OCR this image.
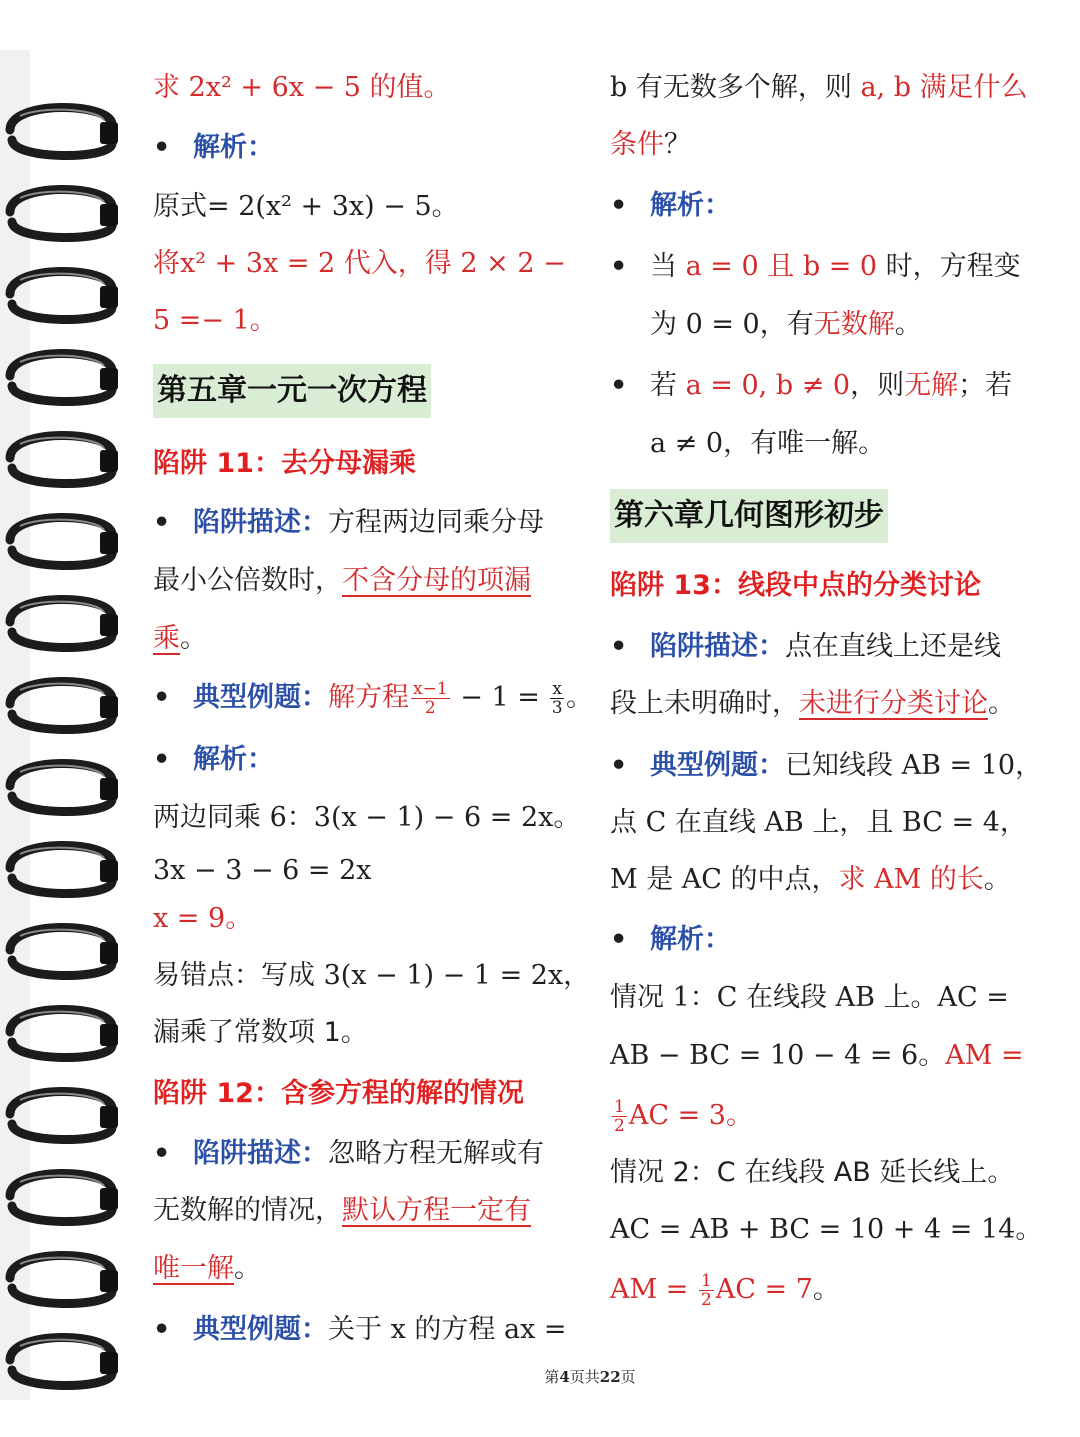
求 2x² + 6x − 5 的值。
• 解析：
原式= 2(x² + 3x) − 5。
将x² + 3x = 2 代入，得 2 × 2 −
5 =− 1。
第五章一元一次方程
陷阱 11：去分母漏乘
• 陷阱描述：方程两边同乘分母
最小公倍数时，不含分母的项漏
乘。
• 典型例题：解方程 $\frac{x-1}{2} - 1 = \frac{x}{3}$ 。
• 解析：
两边同乘 6：3(x − 1) − 6 = 2x。
3x − 3 − 6 = 2x
x = 9。
易错点：写成 3(x − 1) − 1 = 2x，
漏乘了常数项 1。
陷阱 12：含参方程的解的情况
• 陷阱描述：忽略方程无解或有
无数解的情况，默认方程一定有
唯一解。
• 典型例题：关于 x 的方程 ax =
b 有无数多个解，则 a, b 满足什么
条件？
• 解析：
• 当 a = 0 且 b = 0 时，方程变
为 0 = 0，有无数解。
• 若 a = 0, b ≠ 0，则无解；若
a ≠ 0，有唯一解。
第六章几何图形初步
陷阱 13：线段中点的分类讨论
• 陷阱描述：点在直线上还是线
段上未明确时，未进行分类讨论。
• 典型例题：已知线段 AB = 10，
点 C 在直线 AB 上，且 BC = 4，
M 是 AC 的中点，求 AM 的长。
• 解析：
情况 1：C 在线段 AB 上。AC =
AB − BC = 10 − 4 = 6。AM =
$\frac{1}{2}$ AC = 3。
情况 2：C 在线段 AB 延长线上。
AC = AB + BC = 10 + 4 = 14。
AM = $\frac{1}{2}$ AC = 7。
第4页共22页
